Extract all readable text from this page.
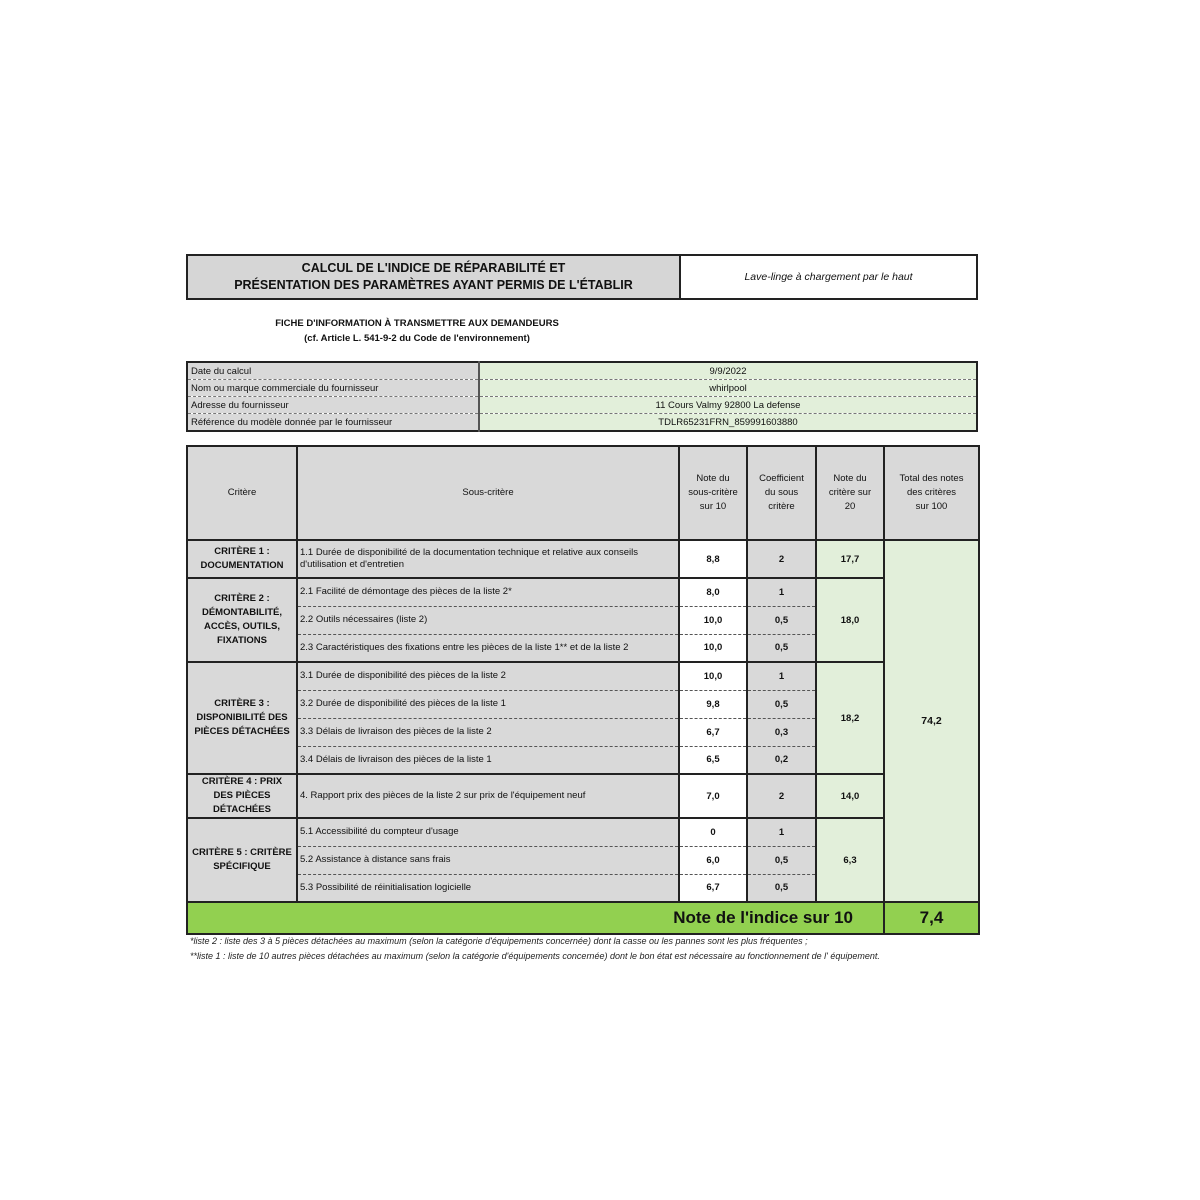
CALCUL DE L'INDICE DE RÉPARABILITÉ ET
PRÉSENTATION DES PARAMÈTRES AYANT PERMIS DE L'ÉTABLIR
Lave-linge à chargement par le haut
FICHE D'INFORMATION À TRANSMETTRE AUX DEMANDEURS
(cf. Article L. 541-9-2 du Code de l'environnement)
Date du calcul	9/9/2022
Nom ou marque commerciale du fournisseur	whirlpool
Adresse du fournisseur	11 Cours Valmy 92800 La defense
Référence du modèle donnée par le fournisseur	TDLR65231FRN_859991603880
Critère	Sous-critère	Note du
sous-critère
sur 10	Coefficient
du sous
critère	Note du
critère sur
20	Total des notes
des critères
sur 100
CRITÈRE 1 :
DOCUMENTATION	1.1 Durée de disponibilité de la documentation technique et relative aux conseils d'utilisation et d'entretien	8,8	2	17,7	74,2
CRITÈRE 2 :
DÉMONTABILITÉ,
ACCÈS, OUTILS,
FIXATIONS	2.1 Facilité de démontage des pièces de la liste 2*	8,0	1	18,0	
	2.2 Outils nécessaires (liste 2)	10,0	0,5		
	2.3 Caractéristiques des fixations entre les pièces de la liste 1** et de la liste 2	10,0	0,5		
CRITÈRE 3 :
DISPONIBILITÉ DES
PIÈCES DÉTACHÉES	3.1 Durée de disponibilité des pièces de la liste 2	10,0	1	18,2	
	3.2 Durée de disponibilité des pièces de la liste 1	9,8	0,5		
	3.3 Délais de livraison des pièces de la liste 2	6,7	0,3		
	3.4 Délais de livraison des pièces de la liste 1	6,5	0,2		
CRITÈRE 4 : PRIX
DES PIÈCES
DÉTACHÉES	4. Rapport prix des pièces de la liste 2 sur prix de l'équipement neuf	7,0	2	14,0	
CRITÈRE 5 : CRITÈRE
SPÉCIFIQUE	5.1 Accessibilité du compteur d'usage	0	1	6,3	
	5.2 Assistance à distance sans frais	6,0	0,5		
	5.3 Possibilité de réinitialisation logicielle	6,7	0,5		
Note de l'indice sur 10					7,4
*liste 2 : liste des 3 à 5 pièces détachées au maximum (selon la catégorie d'équipements concernée) dont la casse ou les pannes sont les plus fréquentes ;
**liste 1 : liste de 10 autres pièces détachées au maximum (selon la catégorie d'équipements concernée) dont le bon état est nécessaire au fonctionnement de l' équipement.
